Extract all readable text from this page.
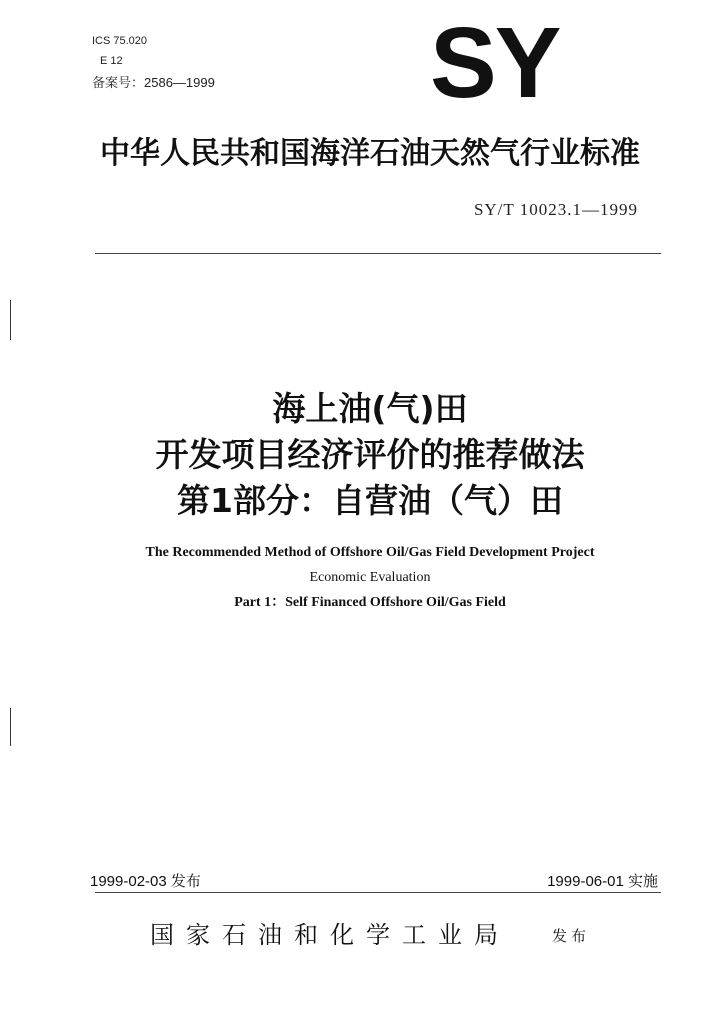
ICS 75.020
E 12
备案号：2586—1999 SY
中华人民共和国海洋石油天然气行业标准
SY/T 10023.1—1999
海上油(气)田
开发项目经济评价的推荐做法
第1部分：自营油（气）田
The Recommended Method of Offshore Oil/Gas Field Development Project
Economic Evaluation
Part 1：Self Financed Offshore Oil/Gas Field
1999-02-03 发布	1999-06-01 实施
国家石油和化学工业局	发布
